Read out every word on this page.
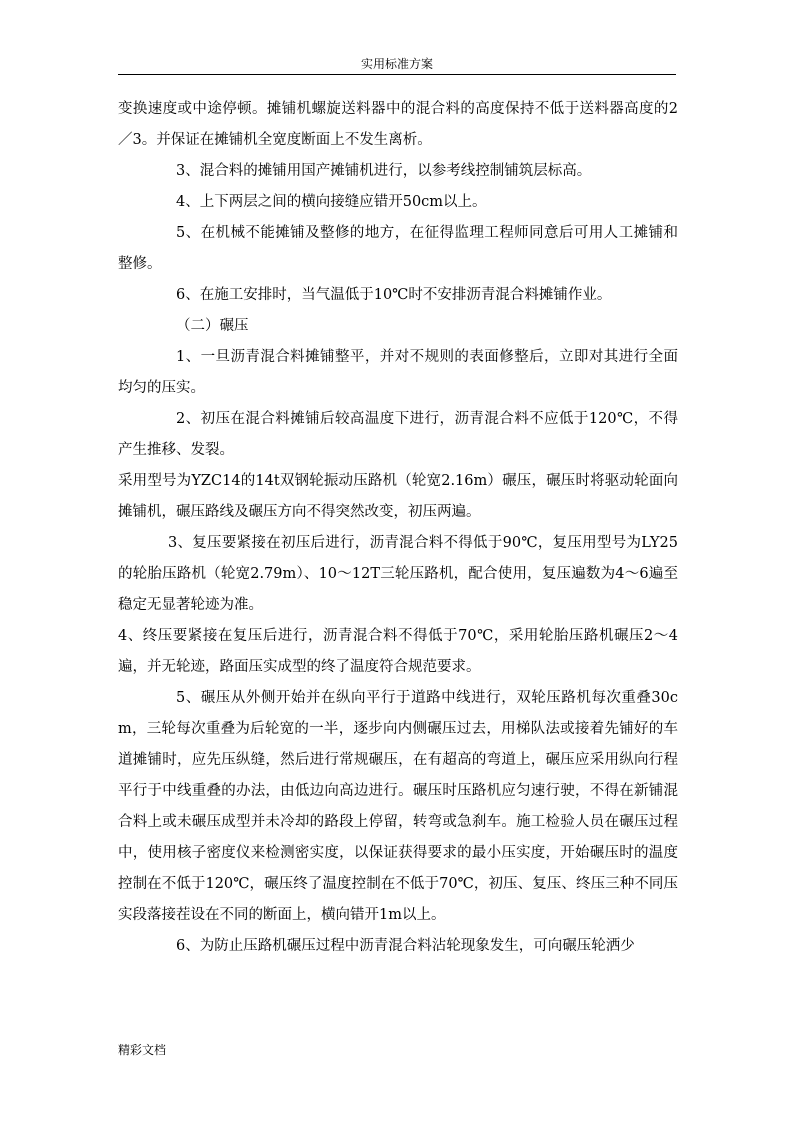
实用标准方案

变换速度或中途停顿。摊铺机螺旋送料器中的混合料的高度保持不低于送料器高度的2／3。并保证在摊铺机全宽度断面上不发生离析。

3、混合料的摊铺用国产摊铺机进行，以参考线控制铺筑层标高。

4、上下两层之间的横向接缝应错开50cm以上。

5、在机械不能摊铺及整修的地方，在征得监理工程师同意后可用人工摊铺和整修。

6、在施工安排时，当气温低于10℃时不安排沥青混合料摊铺作业。

（二）碾压

1、一旦沥青混合料摊铺整平，并对不规则的表面修整后，立即对其进行全面均匀的压实。

2、初压在混合料摊铺后较高温度下进行，沥青混合料不应低于120℃，不得产生推移、发裂。

采用型号为YZC14的14t双钢轮振动压路机（轮宽2.16m）碾压，碾压时将驱动轮面向摊铺机，碾压路线及碾压方向不得突然改变，初压两遍。

3、复压要紧接在初压后进行，沥青混合料不得低于90℃，复压用型号为LY25的轮胎压路机（轮宽2.79m）、10～12T三轮压路机，配合使用，复压遍数为4～6遍至稳定无显著轮迹为准。

4、终压要紧接在复压后进行，沥青混合料不得低于70℃，采用轮胎压路机碾压2～4遍，并无轮迹，路面压实成型的终了温度符合规范要求。

5、碾压从外侧开始并在纵向平行于道路中线进行，双轮压路机每次重叠30cm，三轮每次重叠为后轮宽的一半，逐步向内侧碾压过去，用梯队法或接着先铺好的车道摊铺时，应先压纵缝，然后进行常规碾压，在有超高的弯道上，碾压应采用纵向行程平行于中线重叠的办法，由低边向高边进行。碾压时压路机应匀速行驶，不得在新铺混合料上或未碾压成型并未冷却的路段上停留，转弯或急刹车。施工检验人员在碾压过程中，使用核子密度仪来检测密实度，以保证获得要求的最小压实度，开始碾压时的温度控制在不低于120℃，碾压终了温度控制在不低于70℃，初压、复压、终压三种不同压实段落接茬设在不同的断面上，横向错开1m以上。

6、为防止压路机碾压过程中沥青混合料沾轮现象发生，可向碾压轮洒少

精彩文档
